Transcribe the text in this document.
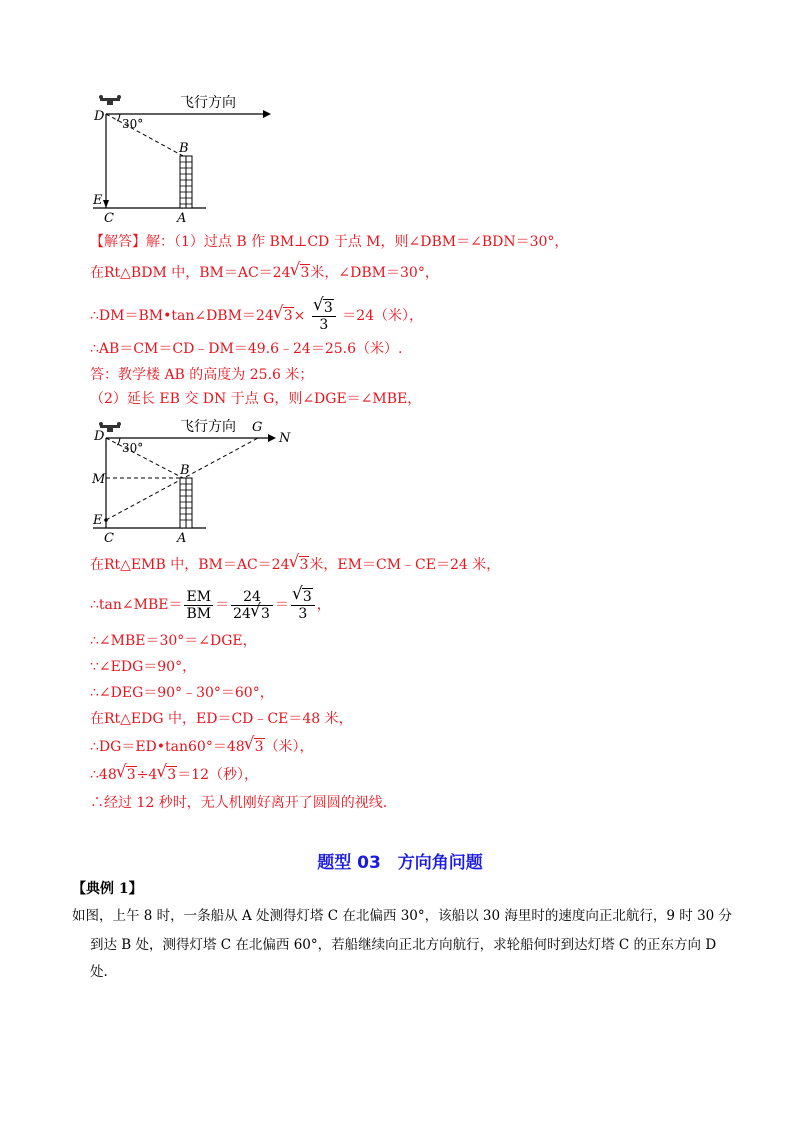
D 30°
飞行方向
B
E
C	A
【解答】解：（1）过点 B 作 BM⊥CD 于点 M，则∠DBM＝∠BDN＝30°，
在Rt△BDM 中，BM＝AC＝24 √ 3米，∠DBM＝30°，
∴DM＝BM•tan∠DBM＝24 √ 3× √ $\frac{3}{3} =24$（米），
∴AB＝CM＝CD﹣DM＝49.6﹣24＝25.6（米）.
答：教学楼 AB 的高度为 25.6 米；
（2）延长 EB 交 DN 于点 G，则∠DGE＝∠MBE，
D
30°
飞行方向 G
N
M
B
E
C	A
在Rt△EMB 中，BM＝AC＝24 √ 3米，EM＝CM﹣CE＝24 米，
∴tan∠MBE＝ $\frac{EM}{BM} = \frac{24}{24 √ 3}$ ＝ √ $\frac{3}{3}$ ，
∴∠MBE＝30°＝∠DGE，
∵∠EDG＝90°，
∴∠DEG＝90°﹣30°＝60°，
在Rt△EDG 中，ED＝CD﹣CE＝48 米，
∴DG＝ED•tan60°＝48 √ 3（米），
∴48 √ 3÷4 √ 3＝12（秒），
∴经过 12 秒时，无人机刚好离开了圆圆的视线.
题型 03　方向角问题
【典例 1】
如图，上午 8 时，一条船从 A 处测得灯塔 C 在北偏西 30°，该船以 30 海里时的速度向正北航行，9 时 30 分
到达 B 处，测得灯塔 C 在北偏西 60°，若船继续向正北方向航行，求轮船何时到达灯塔 C 的正东方向 D
处.
